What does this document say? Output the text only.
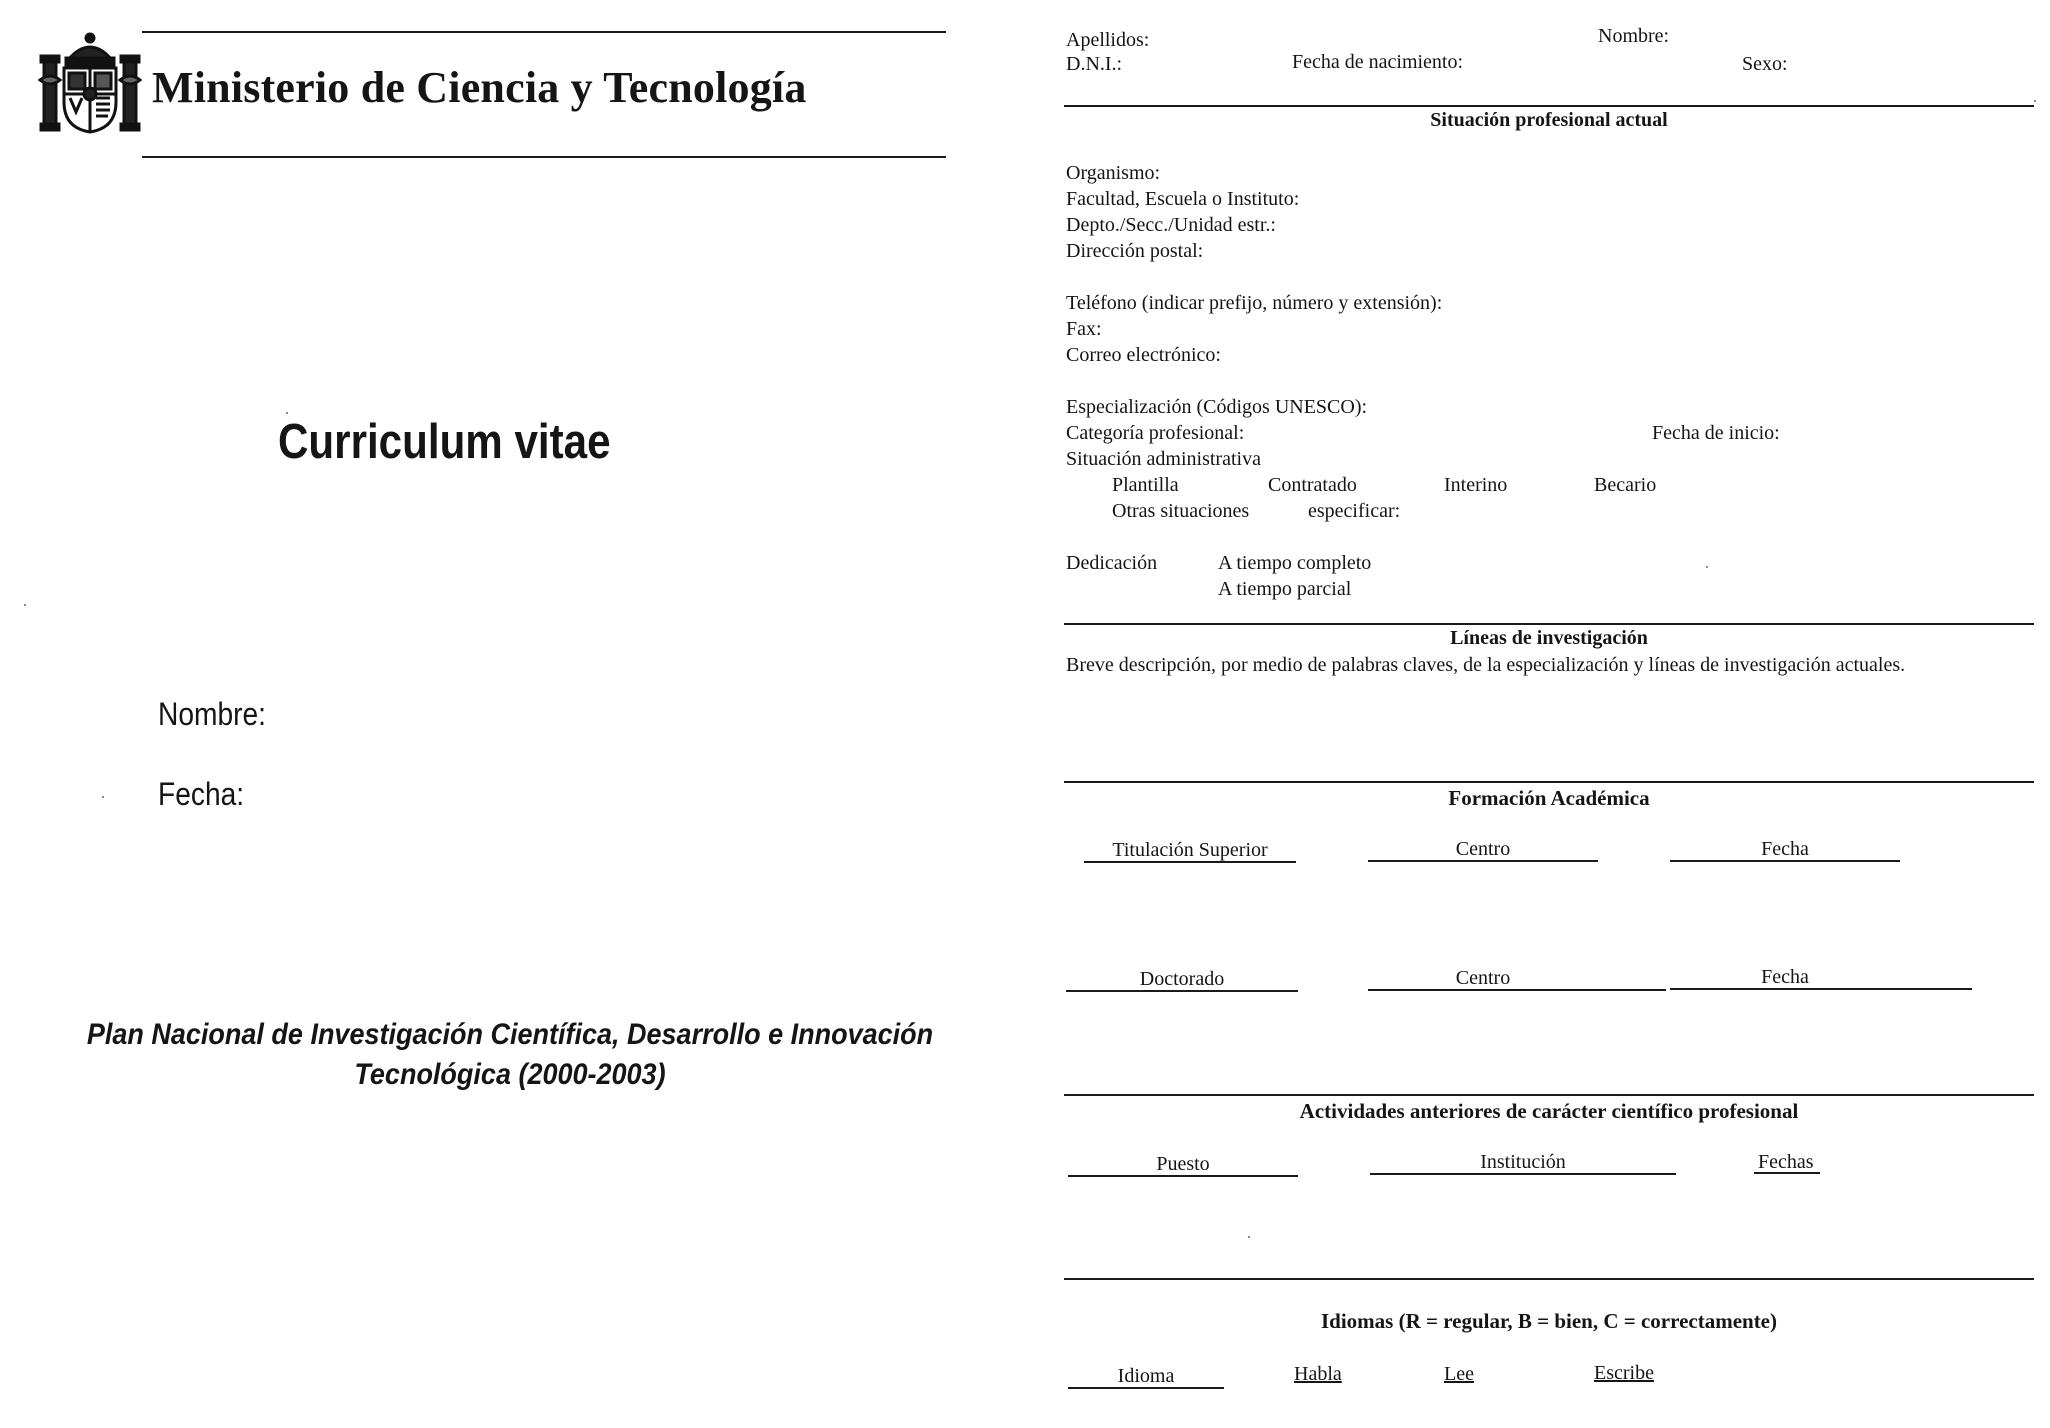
Ministerio de Ciencia y Tecnología
Curriculum vitae
Nombre:
Fecha:
Plan Nacional de Investigación Científica, Desarrollo e Innovación
Tecnológica (2000-2003)
Apellidos:	Nombre:
D.N.I.:	Fecha de nacimiento:	Sexo:
Situación profesional actual
Organismo:
Facultad, Escuela o Instituto:
Depto./Secc./Unidad estr.:
Dirección postal:
Teléfono (indicar prefijo, número y extensión):
Fax:
Correo electrónico:
Especialización (Códigos UNESCO):
Categoría profesional:	Fecha de inicio:
Situación administrativa
Plantilla	Contratado	Interino	Becario
Otras situaciones	especificar:
Dedicación	A tiempo completo
A tiempo parcial
Líneas de investigación
Breve descripción, por medio de palabras claves, de la especialización y líneas de investigación actuales.
Formación Académica
Titulación Superior	Centro	Fecha
Doctorado	Centro	Fecha
Actividades anteriores de carácter científico profesional
Puesto	Institución	Fechas
Idiomas (R = regular, B = bien, C = correctamente)
Idioma	Habla	Lee	Escribe
